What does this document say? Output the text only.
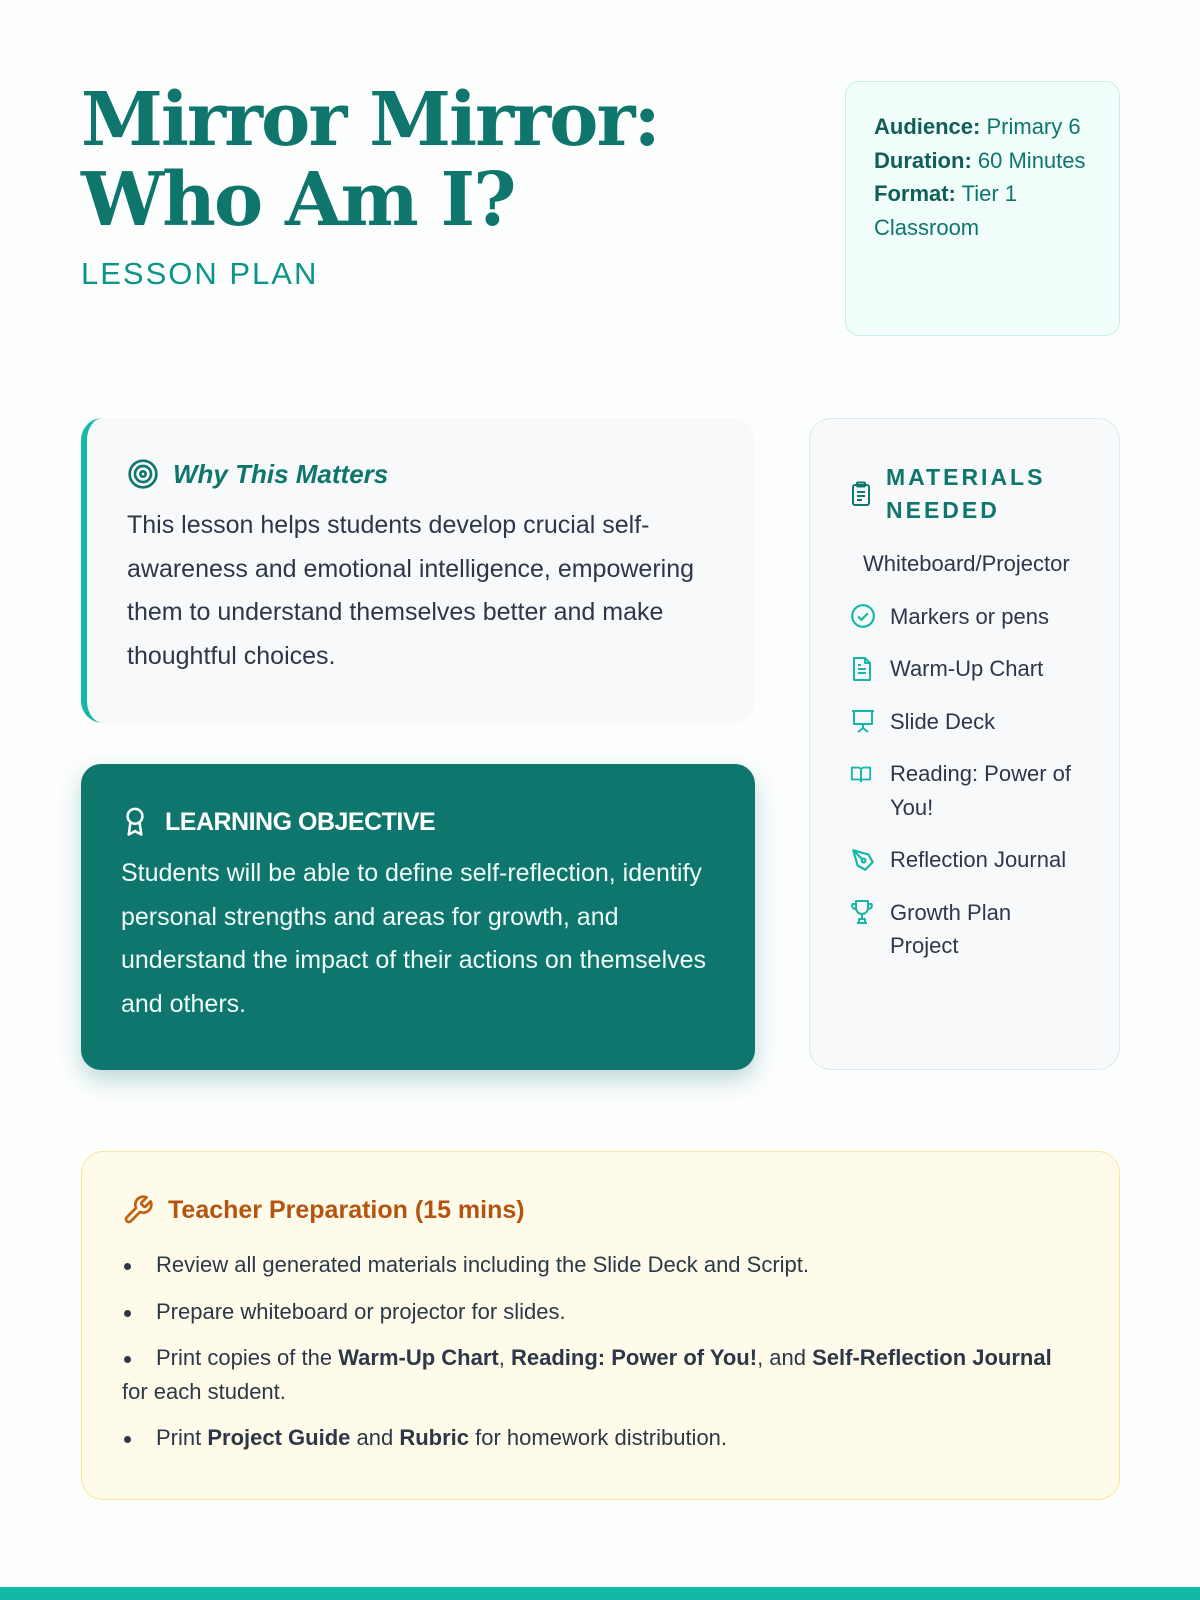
Mirror Mirror: Who Am I?
LESSON PLAN
Audience: Primary 6
Duration: 60 Minutes
Format: Tier 1 Classroom
Why This Matters

This lesson helps students develop crucial self-awareness and emotional intelligence, empowering them to understand themselves better and make thoughtful choices.

LEARNING OBJECTIVE

Students will be able to define self-reflection, identify personal strengths and areas for growth, and understand the impact of their actions on themselves and others.

MATERIALS NEEDED
Whiteboard/Projector
Markers or pens
Warm-Up Chart
Slide Deck
Reading: Power of You!
Reflection Journal
Growth Plan Project
Teacher Preparation (15 mins)
Review all generated materials including the Slide Deck and Script.
Prepare whiteboard or projector for slides.
Print copies of the Warm-Up Chart, Reading: Power of You!, and Self-Reflection Journal for each student.
Print Project Guide and Rubric for homework distribution.
